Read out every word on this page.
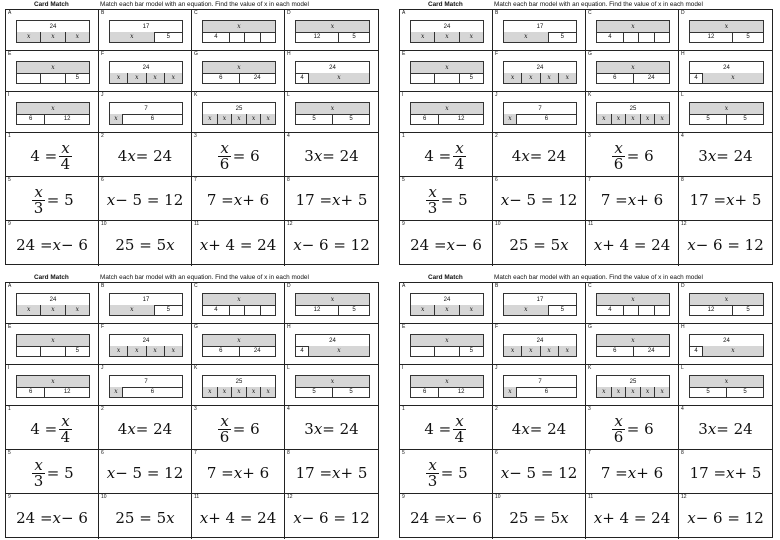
Card Match	Match each bar model with an equation. Find the value of x in each model
A
24
x	x	x
B
17
x	5
C
x
4
D
x
12	5
E
x
5
F
24
x	x	x	x
G
x
6	24
H
24
4	x
I
x
6	12
J
7
x	6
K
25
x	x	x	x	x
L
x
5	5
1
$4 = \frac{x}{4}$
2
4 x = 24
3
$\frac{x}{6} = 6$
4
3 x = 24
5
$\frac{x}{3} = 5$
6
x − 5 = 12
7
7 = x + 6
8
17 = x + 5
9
24 = x − 6
10
25 = 5 x
11
x + 4 = 24
12
x − 6 = 12
Card Match	Match each bar model with an equation. Find the value of x in each model
A
24
x	x	x
B
17
x	5
C
x
4
D
x
12	5
E
x
5
F
24
x	x	x	x
G
x
6	24
H
24
4	x
I
x
6	12
J
7
x	6
K
25
x	x	x	x	x
L
x
5	5
1
$4 = \frac{x}{4}$
2
4 x = 24
3
$\frac{x}{6} = 6$
4
3 x = 24
5
$\frac{x}{3} = 5$
6
x − 5 = 12
7
7 = x + 6
8
17 = x + 5
9
24 = x − 6
10
25 = 5 x
11
x + 4 = 24
12
x − 6 = 12
Card Match	Match each bar model with an equation. Find the value of x in each model
A
24
x	x	x
B
17
x	5
C
x
4
D
x
12	5
E
x
5
F
24
x	x	x	x
G
x
6	24
H
24
4	x
I
x
6	12
J
7
x	6
K
25
x	x	x	x	x
L
x
5	5
1
$4 = \frac{x}{4}$
2
4 x = 24
3
$\frac{x}{6} = 6$
4
3 x = 24
5
$\frac{x}{3} = 5$
6
x − 5 = 12
7
7 = x + 6
8
17 = x + 5
9
24 = x − 6
10
25 = 5 x
11
x + 4 = 24
12
x − 6 = 12
Card Match	Match each bar model with an equation. Find the value of x in each model
A
24
x	x	x
B
17
x	5
C
x
4
D
x
12	5
E
x
5
F
24
x	x	x	x
G
x
6	24
H
24
4	x
I
x
6	12
J
7
x	6
K
25
x	x	x	x	x
L
x
5	5
1
$4 = \frac{x}{4}$
2
4 x = 24
3
$\frac{x}{6} = 6$
4
3 x = 24
5
$\frac{x}{3} = 5$
6
x − 5 = 12
7
7 = x + 6
8
17 = x + 5
9
24 = x − 6
10
25 = 5 x
11
x + 4 = 24
12
x − 6 = 12
